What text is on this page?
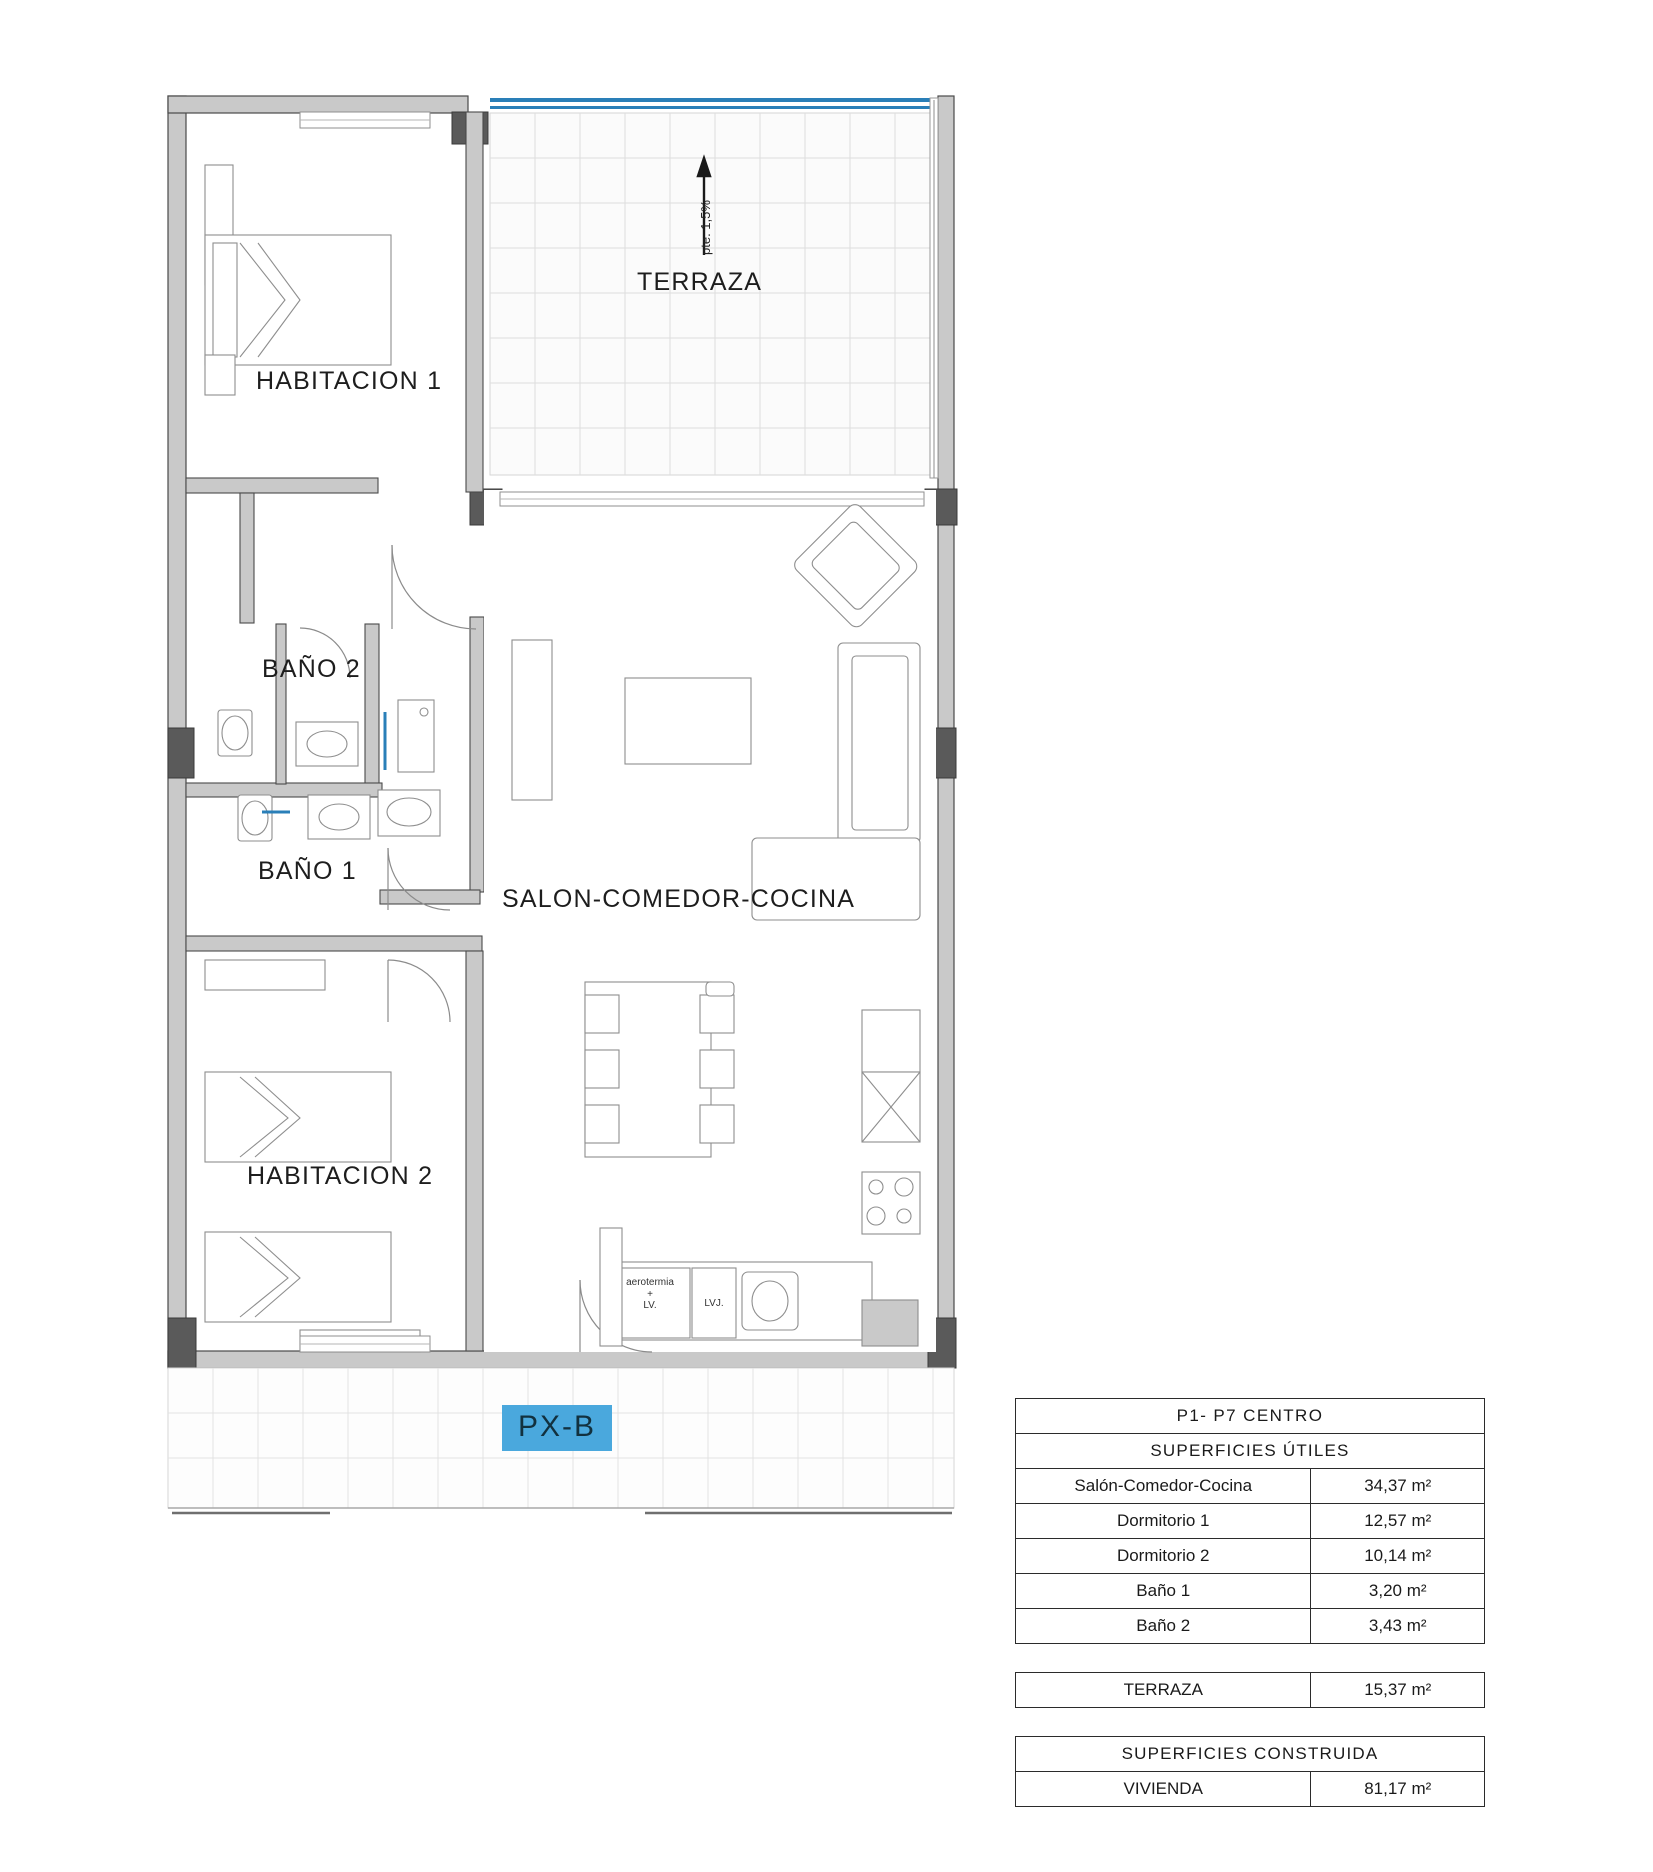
pte. 1,5%
TERRAZA
HABITACION 1
HABITACION 2
BAÑO 2
BAÑO 1
SALON-COMEDOR-COCINA
aerotermia
+
LV.	LVJ.
PX-B	P1- P7 CENTRO	
SUPERFICIES ÚTILES	
Salón-Comedor-Cocina	34,37 m²
Dormitorio 1	12,57 m²
Dormitorio 2	10,14 m²
Baño 1	3,20 m²
Baño 2	3,43 m²
TERRAZA	15,37 m²
SUPERFICIES CONSTRUIDA
VIVIENDA	81,17 m²
